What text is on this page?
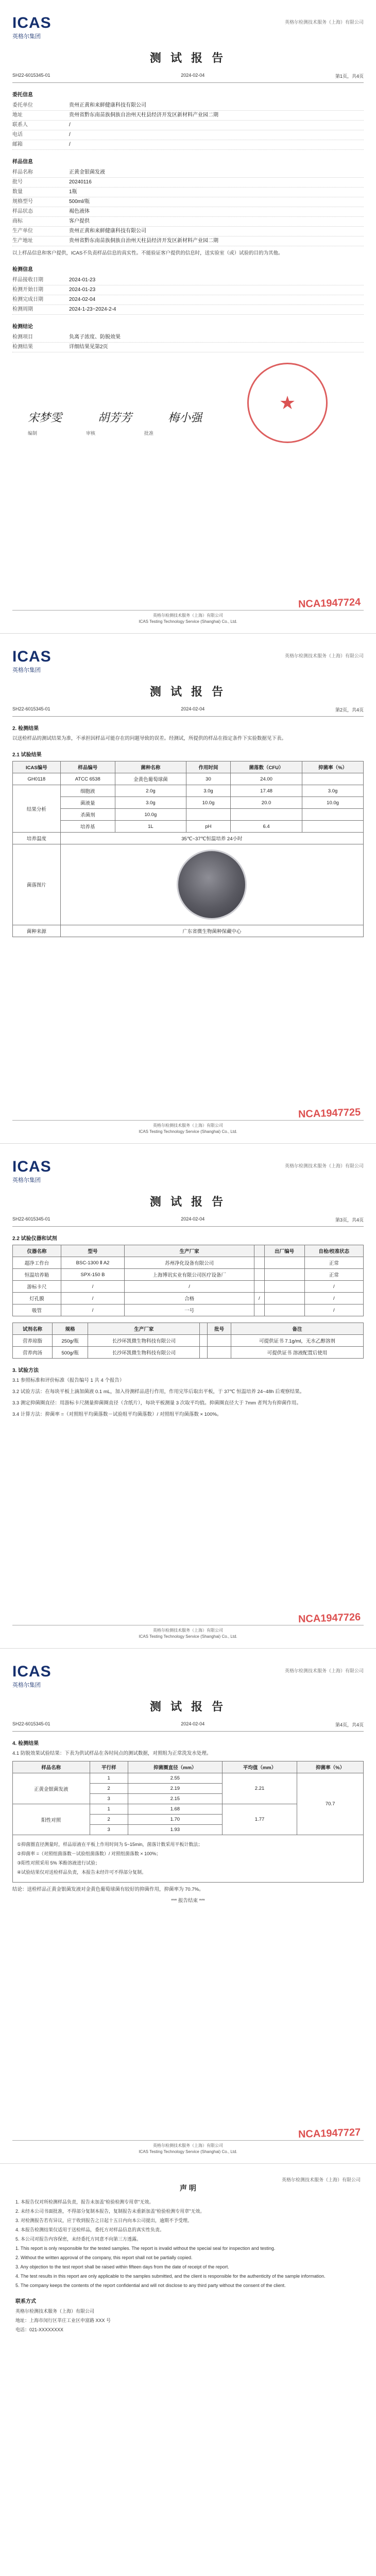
ICAS
英格尔集团
英格尔检测技术服务（上海）有限公司
测 试 报 告
SH22-6015345-01	2024-02-04	第1页，共4页
委托信息
委托单位	贵州正黄和来鲜健康科技有限公司
地址	贵州省黔东南苗族侗族自治州天柱县经济开发区新材料产业园二期
联系人	/
电话	/
邮箱	/
样品信息
样品名称	正黄金银菌发液
批号	20240116
数量	1瓶
规格型号	500ml/瓶
样品状态	褐色液体
商标	客户提供
生产单位	贵州正黄和来鲜健康科技有限公司
生产地址	贵州省黔东南苗族侗族自治州天柱县经济开发区新材料产业园二期
以上样品信息和客户提供，ICAS不负责样品信息的真实性。不能验证客户提供的信息时，送实验室（或）试验的目的为其他。
检测信息
样品接收日期	2024-01-23
检测开始日期	2024-01-23
检测完成日期	2024-02-04
检测周期	2024-1-23~2024-2-4
检测结论
检测项目	负离子浓度、防脱效果
检测结果	详细结果见第2页
★
宋梦雯	胡芳芳	梅小强
编制	审核	批准
NCA1947724
英格尔检测技术服务（上海）有限公司
ICAS Testing Technology Service (Shanghai) Co., Ltd.
ICAS
英格尔集团
英格尔检测技术服务（上海）有限公司
测 试 报 告
SH22-6015345-01	2024-02-04	第2页，共4页
2. 检测结果
以送检样品的测试结果为准，不承担因样品可能存在的问题导致的误差。经测试，所提供的样品在指定条件下实验数据见下表。
2.1 试验结果
ICAS编号	样品编号	菌种名称	作用时间	菌落数（CFU）	抑菌率（%）
GH0118	ATCC 6538	金黄色葡萄球菌	30	24.00	
结果分析	细胞液	2.0g	3.0g	17.48	3.0g
	菌液量	3.0g	10.0g	20.0	10.0g
	杀菌剂	10.0g			
	培养基	1L	pH	6.4	
培养温度	35℃~37℃恒温培养 24小时				
菌落图片					

菌种来源	广东省微生物菌种保藏中心				
NCA1947725
英格尔检测技术服务（上海）有限公司
ICAS Testing Technology Service (Shanghai) Co., Ltd.
ICAS
英格尔集团
英格尔检测技术服务（上海）有限公司
测 试 报 告
SH22-6015345-01	2024-02-04	第3页，共4页
2.2 试验仪器和试剂
仪器名称	型号	生产厂家		出厂编号	自检/校准状态
超净工作台	BSC-1300 Ⅱ A2	苏州净化设备有限公司			正常
恒温培养箱	SPX-150 B	上海博讯实业有限公司医疗设备厂			正常
游标卡尺	/	/			/
灯孔膜	/	合格	/		/
吸管	/	一号			/
试剂名称	规格	生产厂家		批号	备注
营养琼脂	250g/瓶	长沙环凯微生物科技有限公司			可提供证书 7.1g/ml，无水乙醇溶剂
营养肉汤	500g/瓶	长沙环凯微生物科技有限公司			可提供证书 溶液配置后使用
3. 试验方法
3.1 参照标准和评价标准（报告编号 1 共 4 个报告）
3.2 试验方法：在每块平板上滴加菌液 0.1 mL，加入待测样品进行作用，作用完毕后取出平板，于 37℃ 恒温培养 24~48h 后观察结果。
3.3 测定抑菌圈直径：用游标卡尺测量抑菌圈直径（含纸片），每块平板测量 3 次取平均值。抑菌圈直径大于 7mm 者判为有抑菌作用。
3.4 计算方法：抑菌率 =（对照组平均菌落数－试验组平均菌落数）/ 对照组平均菌落数 × 100%。
NCA1947726
英格尔检测技术服务（上海）有限公司
ICAS Testing Technology Service (Shanghai) Co., Ltd.
ICAS
英格尔集团
英格尔检测技术服务（上海）有限公司
测 试 报 告
SH22-6015345-01	2024-02-04	第4页，共4页
4. 检测结果
4.1 防脱效果试验结果：下表为供试样品在各时间点的测试数据，对照组为正常洗发水处理。
样品名称	平行样	抑菌圈直径（mm）	平均值（mm）	抑菌率（%）
正黄金银菌发液	1	2.55	2.21	70.7
	2	2.19		
	3	2.15		
阳性对照	1	1.68	1.77	
	2	1.70		
	3	1.93		

①抑菌圈直径测量时，样品原液在平板上作用时间为 5~15min，菌落计数采用平板计数法；
②抑菌率 =（对照组菌落数－试验组菌落数）/ 对照组菌落数 × 100%；
③阳性对照采用 5% 苯酚溶液进行试验；
④试验结果仅对送检样品负责，本报告未经许可不得部分复制。				
结论：送检样品正黄金银菌发液对金黄色葡萄球菌有较好的抑菌作用，抑菌率为 70.7%。
*** 报告结束 ***
NCA1947727
英格尔检测技术服务（上海）有限公司
ICAS Testing Technology Service (Shanghai) Co., Ltd.
英格尔检测技术服务（上海）有限公司
声 明
1. 本报告仅对所检测样品负责，报告未加盖"检验检测专用章"无效。
2. 未经本公司书面批准，不得部分复制本报告，复制报告未重新加盖"检验检测专用章"无效。
3. 对检测报告若有异议，应于收到报告之日起十五日内向本公司提出，逾期不予受理。
4. 本报告检测结果仅适用于送检样品，委托方对样品信息的真实性负责。
5. 本公司对报告内容保密，未经委托方同意不向第三方透露。
1. This report is only responsible for the tested samples. The report is invalid without the special seal for inspection and testing.
2. Without the written approval of the company, this report shall not be partially copied.
3. Any objection to the test report shall be raised within fifteen days from the date of receipt of the report.
4. The test results in this report are only applicable to the samples submitted, and the client is responsible for the authenticity of the sample information.
5. The company keeps the contents of the report confidential and will not disclose to any third party without the consent of the client.
联系方式
英格尔检测技术服务（上海）有限公司
地址：上海市闵行区莘庄工业区申富路 XXX 号
电话：021-XXXXXXXX
